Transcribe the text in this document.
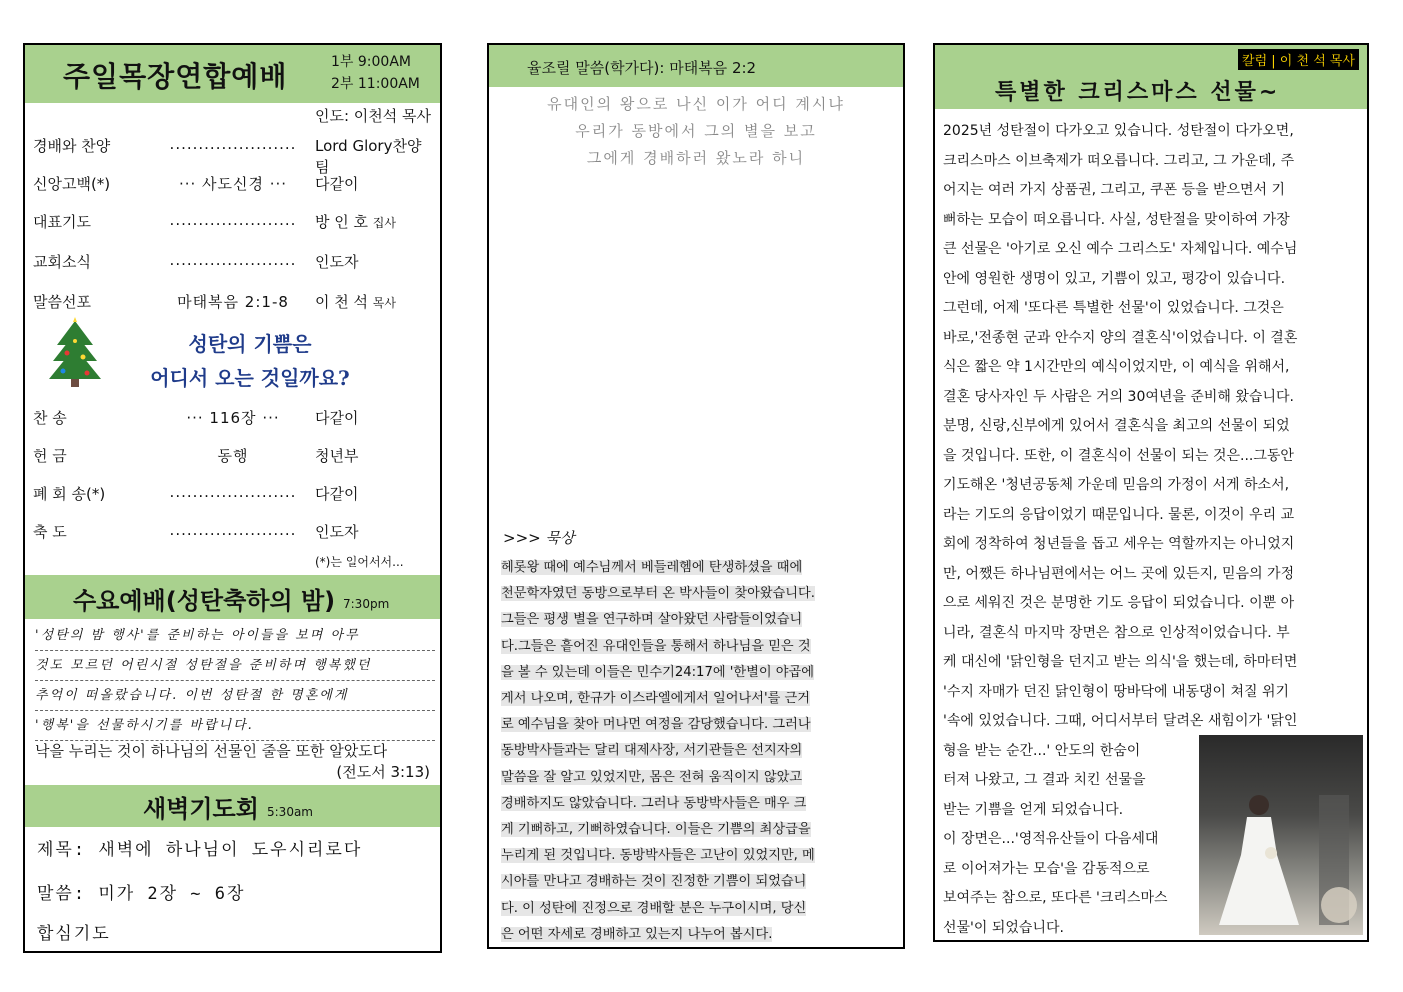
주일목장연합예배	1부 9:00AM
2부 11:00AM
인도: 이천석 목사
경배와 찬양	......................	Lord Glory찬양팀
신앙고백(*)	··· 사도신경 ···	다같이
대표기도	......................	방 인 호 집사
교회소식	......................	인도자
말씀선포	마태복음 2:1-8	이 천 석 목사
성탄의 기쁨은
어디서 오는 것일까요?
찬 송	··· 116장 ···	다같이
헌 금	동행	청년부
폐 회 송(*)	......................	다같이
축 도	......................	인도자
(*)는 일어서서...
수요예배(성탄축하의 밤) 7:30pm
'성탄의 밤 행사'를 준비하는 아이들을 보며 아무
것도 모르던 어린시절 성탄절을 준비하며 행복했던
추억이 떠올랐습니다. 이번 성탄절 한 명혼에게
'행복'을 선물하시기를 바랍니다.
낙을 누리는 것이 하나님의 선물인 줄을 또한 알았도다
(전도서 3:13)
새벽기도회 5:30am
제목: 새벽에 하나님이 도우시리로다
말씀: 미가 2장 ~ 6장
합심기도
율조릴 말씀(학가다): 마태복음 2:2
유대인의 왕으로 나신 이가 어디 계시냐
우리가 동방에서 그의 별을 보고
그에게 경배하러 왔노라 하니
>>> 묵상
헤롯왕 때에 예수님께서 베들레헴에 탄생하셨을 때에
천문학자였던 동방으로부터 온 박사들이 찾아왔습니다.
그들은 평생 별을 연구하며 살아왔던 사람들이었습니
다.그들은 흩어진 유대인들을 통해서 하나님을 믿은 것
을 볼 수 있는데 이들은 민수기24:17에 '한별이 야곱에
게서 나오며, 한규가 이스라엘에게서 일어나서'를 근거
로 예수님을 찾아 머나먼 여정을 감당했습니다. 그러나
동방박사들과는 달리 대제사장, 서기관들은 선지자의
말씀을 잘 알고 있었지만, 몸은 전혀 움직이지 않았고
경배하지도 않았습니다. 그러나 동방박사들은 매우 크
게 기뻐하고, 기뻐하였습니다. 이들은 기쁨의 최상급을
누리게 된 것입니다. 동방박사들은 고난이 있었지만, 메
시아를 만나고 경배하는 것이 진정한 기쁨이 되었습니
다. 이 성탄에 진정으로 경배할 분은 누구이시며, 당신
은 어떤 자세로 경배하고 있는지 나누어 봅시다.
특별한 크리스마스 선물~
칼럼 | 이 천 석 목사
2025년 성탄절이 다가오고 있습니다. 성탄절이 다가오면,
크리스마스 이브축제가 떠오릅니다. 그리고, 그 가운데, 주
어지는 여러 가지 상품권, 그리고, 쿠폰 등을 받으면서 기
뻐하는 모습이 떠오릅니다. 사실, 성탄절을 맞이하여 가장
큰 선물은 '아기로 오신 예수 그리스도' 자체입니다. 예수님
안에 영원한 생명이 있고, 기쁨이 있고, 평강이 있습니다.
그런데, 어제 '또다른 특별한 선물'이 있었습니다. 그것은
바로,'전종현 군과 안수지 양의 결혼식'이었습니다. 이 결혼
식은 짧은 약 1시간만의 예식이었지만, 이 예식을 위해서,
결혼 당사자인 두 사람은 거의 30여년을 준비해 왔습니다.
분명, 신랑,신부에게 있어서 결혼식을 최고의 선물이 되었
을 것입니다. 또한, 이 결혼식이 선물이 되는 것은...그동안
기도해온 '청년공동체 가운데 믿음의 가정이 서게 하소서,
라는 기도의 응답이었기 때문입니다. 물론, 이것이 우리 교
회에 정착하여 청년들을 돕고 세우는 역할까지는 아니었지
만, 어쨌든 하나님편에서는 어느 곳에 있든지, 믿음의 가정
으로 세워진 것은 분명한 기도 응답이 되었습니다. 이뿐 아
니라, 결혼식 마지막 장면은 참으로 인상적이었습니다. 부
케 대신에 '닭인형을 던지고 받는 의식'을 했는데, 하마터면
'수지 자매가 던진 닭인형이 땅바닥에 내동댕이 쳐질 위기
'속에 있었습니다. 그때, 어디서부터 달려온 새힘이가 '닭인
형을 받는 순간...' 안도의 한숨이
터져 나왔고, 그 결과 치킨 선물을
받는 기쁨을 얻게 되었습니다.
이 장면은...'영적유산들이 다음세대
로 이어져가는 모습'을 감동적으로
보여주는 참으로, 또다른 '크리스마스
선물'이 되었습니다.
